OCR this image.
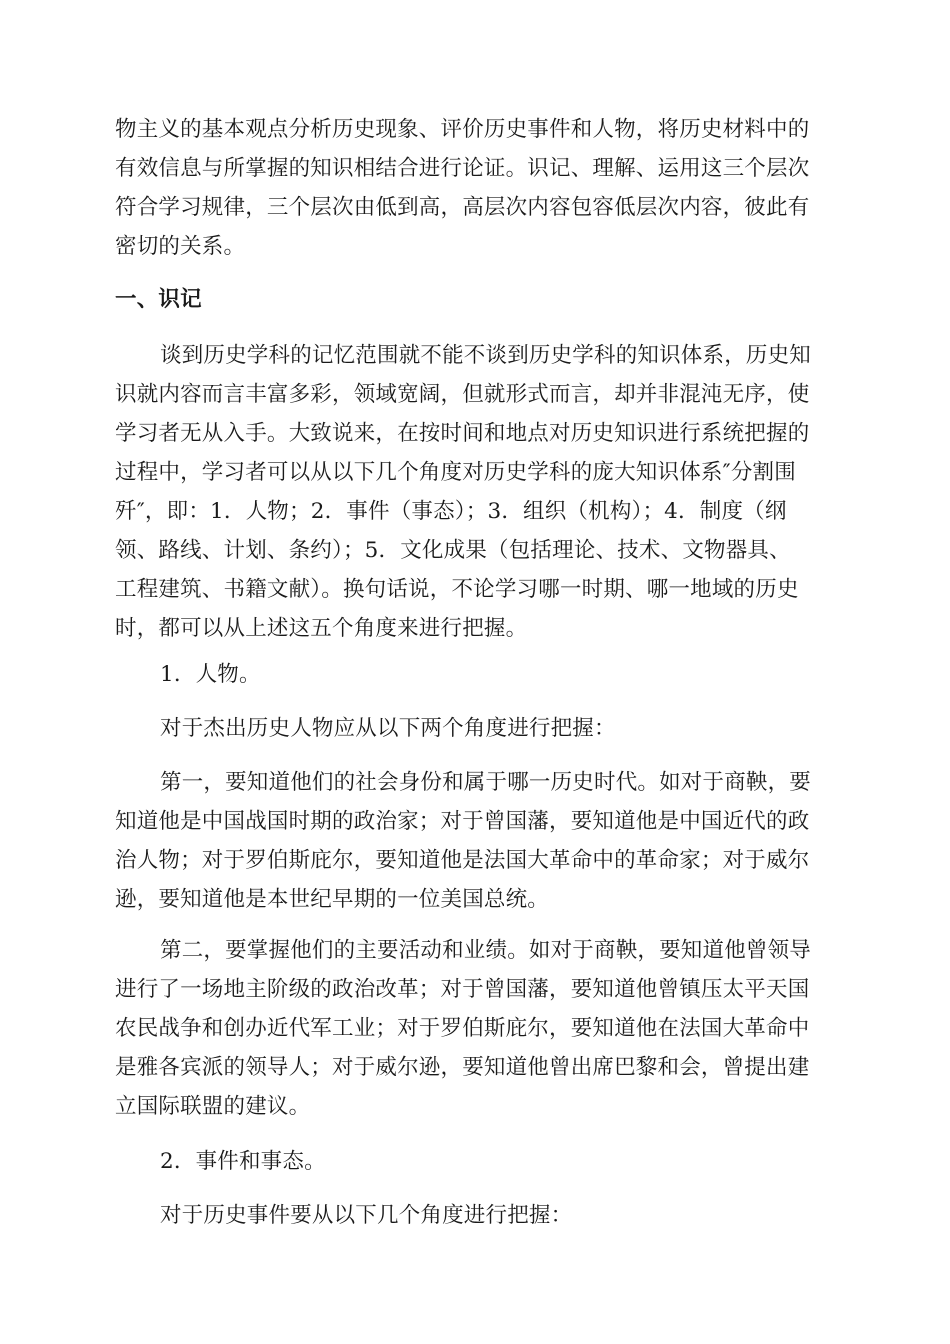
物主义的基本观点分析历史现象、评价历史事件和人物，将历史材料中的
有效信息与所掌握的知识相结合进行论证。识记、理解、运用这三个层次
符合学习规律，三个层次由低到高，高层次内容包容低层次内容，彼此有
密切的关系。
一、识记
谈到历史学科的记忆范围就不能不谈到历史学科的知识体系，历史知
识就内容而言丰富多彩，领域宽阔，但就形式而言，却并非混沌无序，使
学习者无从入手。大致说来，在按时间和地点对历史知识进行系统把握的
过程中，学习者可以从以下几个角度对历史学科的庞大知识体系″分割围
歼″，即：1．人物；2．事件（事态）；3．组织（机构）；4．制度（纲
领、路线、计划、条约）；5．文化成果（包括理论、技术、文物器具、
工程建筑、书籍文献）。换句话说，不论学习哪一时期、哪一地域的历史
时，都可以从上述这五个角度来进行把握。
1．人物。
对于杰出历史人物应从以下两个角度进行把握：
第一，要知道他们的社会身份和属于哪一历史时代。如对于商鞅，要
知道他是中国战国时期的政治家；对于曾国藩，要知道他是中国近代的政
治人物；对于罗伯斯庇尔，要知道他是法国大革命中的革命家；对于威尔
逊，要知道他是本世纪早期的一位美国总统。
第二，要掌握他们的主要活动和业绩。如对于商鞅，要知道他曾领导
进行了一场地主阶级的政治改革；对于曾国藩，要知道他曾镇压太平天国
农民战争和创办近代军工业；对于罗伯斯庇尔，要知道他在法国大革命中
是雅各宾派的领导人；对于威尔逊，要知道他曾出席巴黎和会，曾提出建
立国际联盟的建议。
2．事件和事态。
对于历史事件要从以下几个角度进行把握：
